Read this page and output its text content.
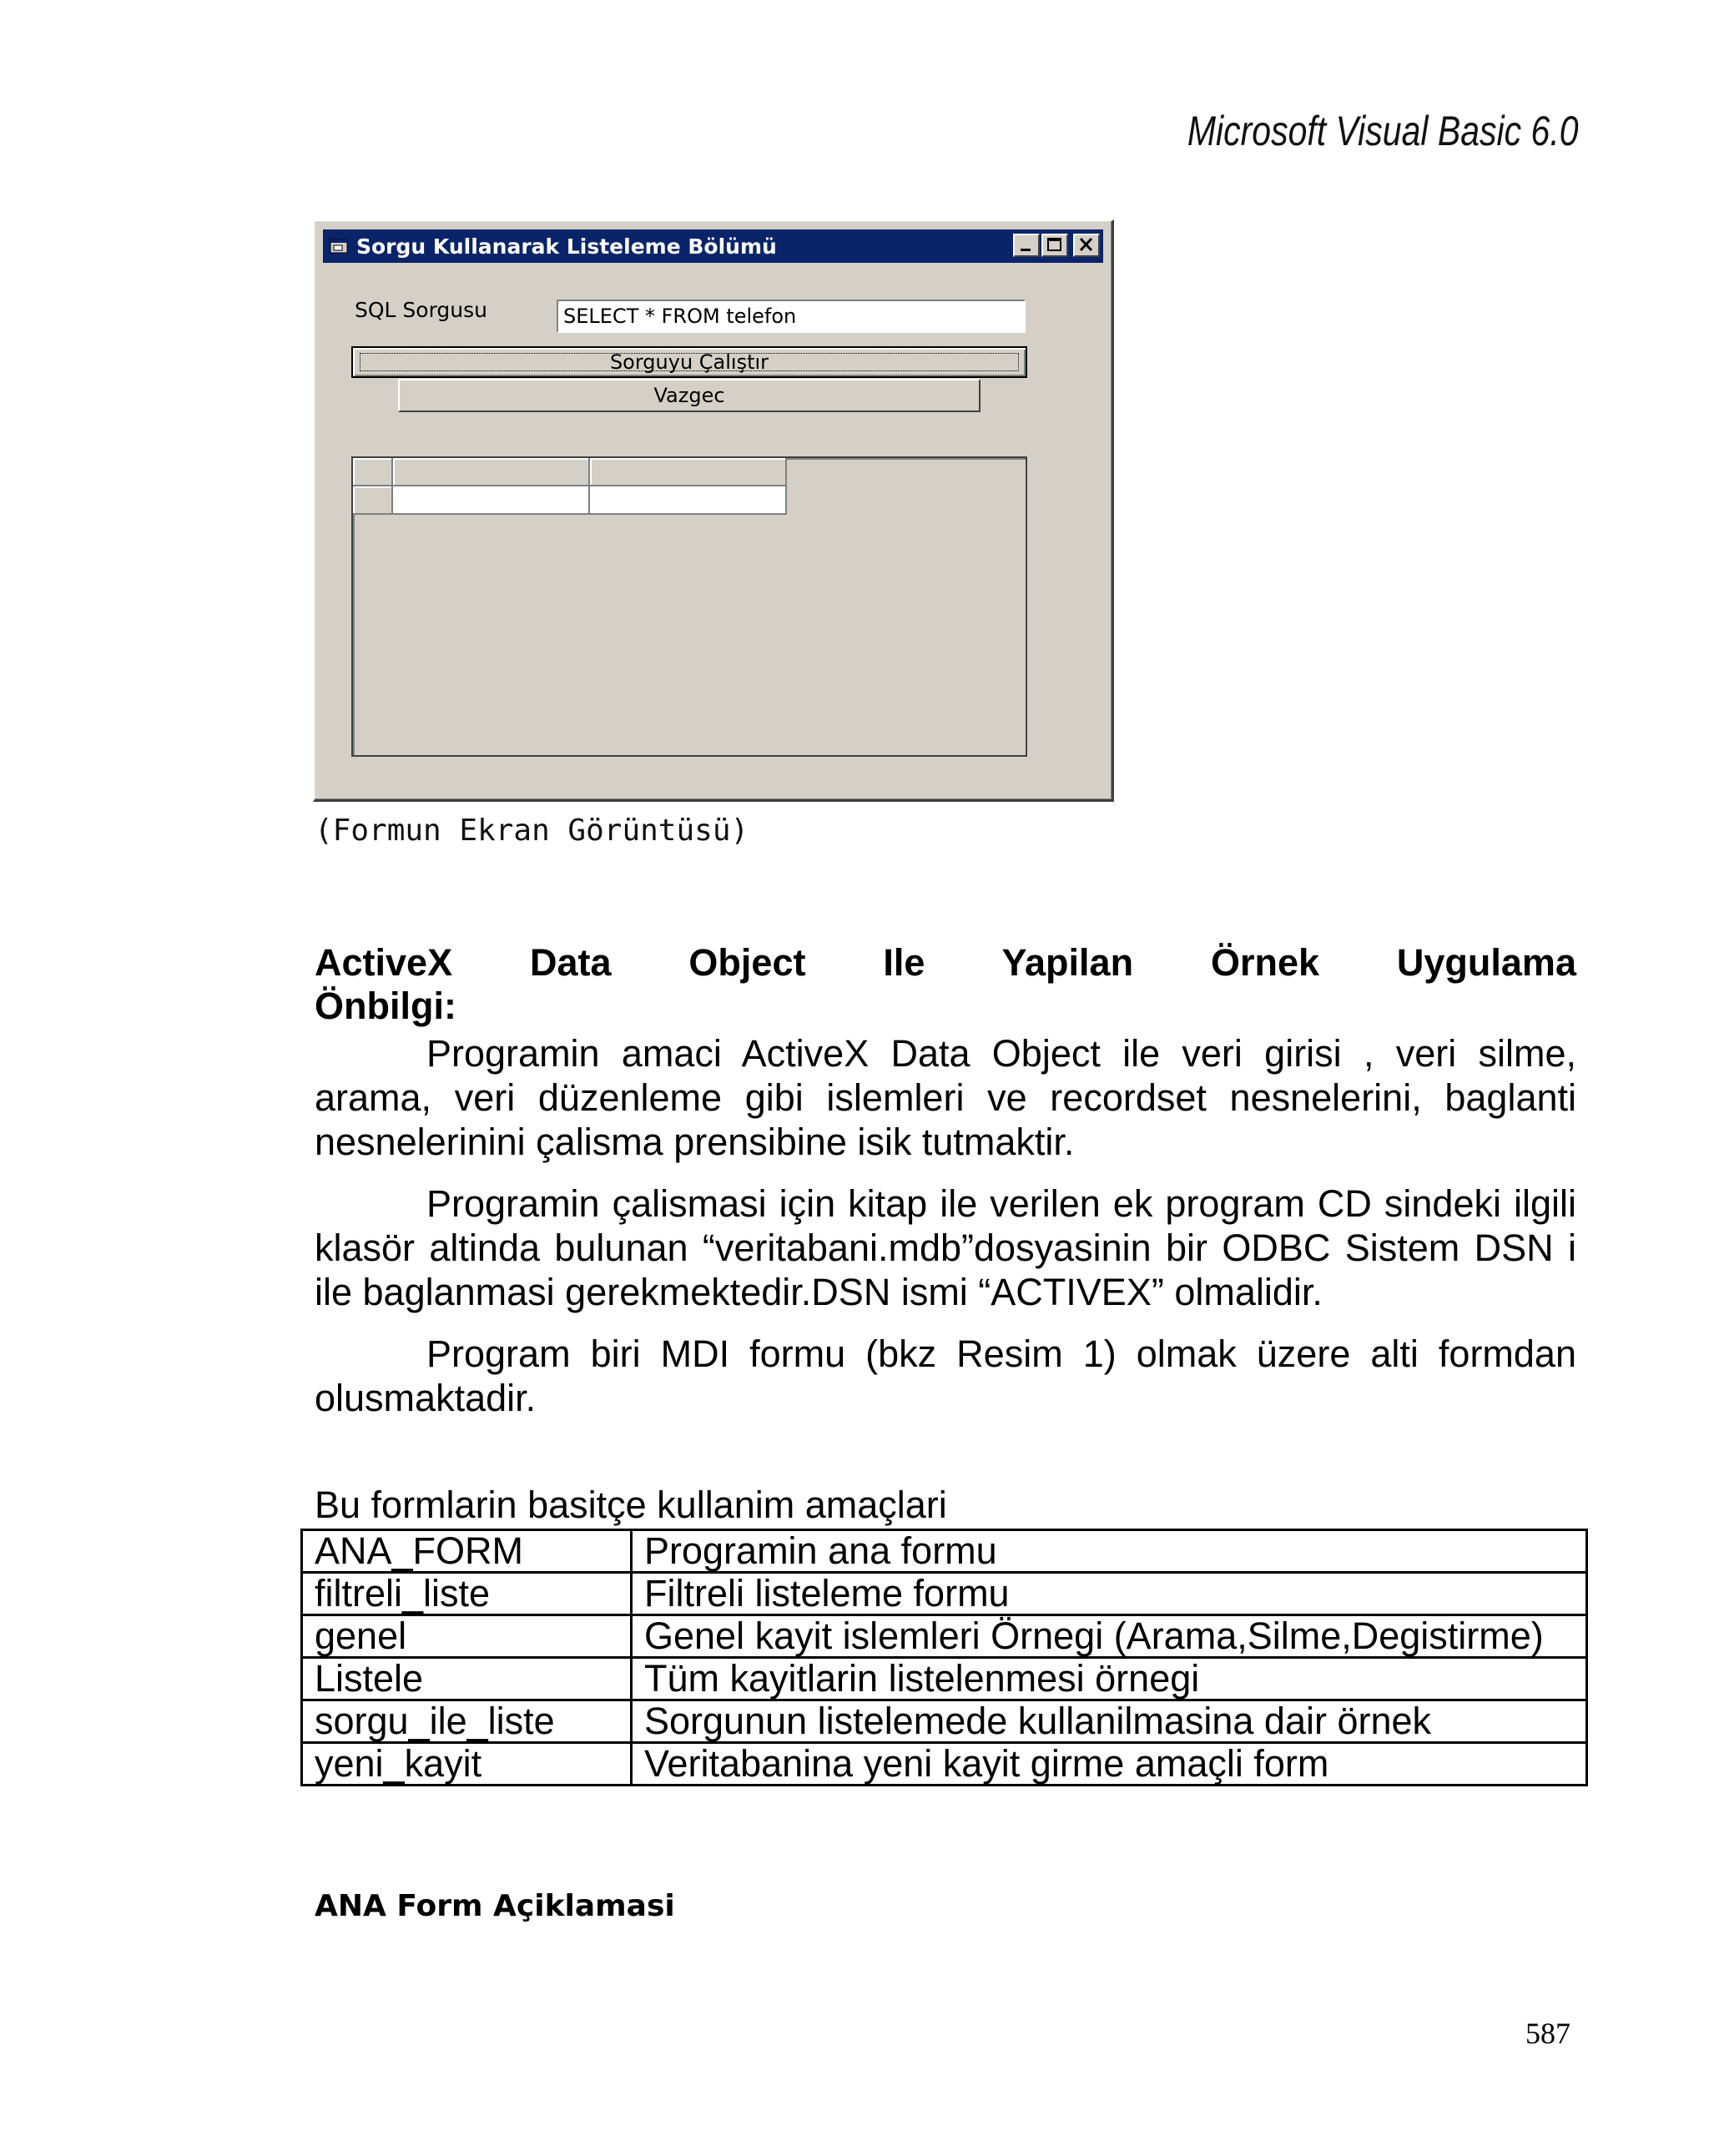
Microsoft Visual Basic 6.0
Sorgu Kullanarak Listeleme Bölümü
SQL Sorgusu	SELECT * FROM telefon
Sorguyu Çalıştır
Vazgec
(Formun Ekran Görüntüsü)
ActiveX Data Object Ile Yapilan Örnek Uygulama
Önbilgi:

Programin amaci ActiveX Data Object ile veri girisi , veri silme, arama, veri düzenleme gibi islemleri ve recordset nesnelerini, baglanti nesnelerinini çalisma prensibine isik tutmaktir.

Programin çalismasi için kitap ile verilen ek program CD sindeki ilgili klasör altinda bulunan “veritabani.mdb”dosyasinin bir ODBC Sistem DSN i ile baglanmasi gerekmektedir.DSN ismi “ACTIVEX” olmalidir.

Program biri MDI formu (bkz Resim 1) olmak üzere alti formdan olusmaktadir.

Bu formlarin basitçe kullanim amaçlari
ANA_FORM	Programin ana formu
filtreli_liste	Filtreli listeleme formu
genel	Genel kayit islemleri Örnegi (Arama,Silme,Degistirme)
Listele	Tüm kayitlarin listelenmesi örnegi
sorgu_ile_liste	Sorgunun listelemede kullanilmasina dair örnek
yeni_kayit	Veritabanina yeni kayit girme amaçli form
ANA Form Açiklamasi
587
